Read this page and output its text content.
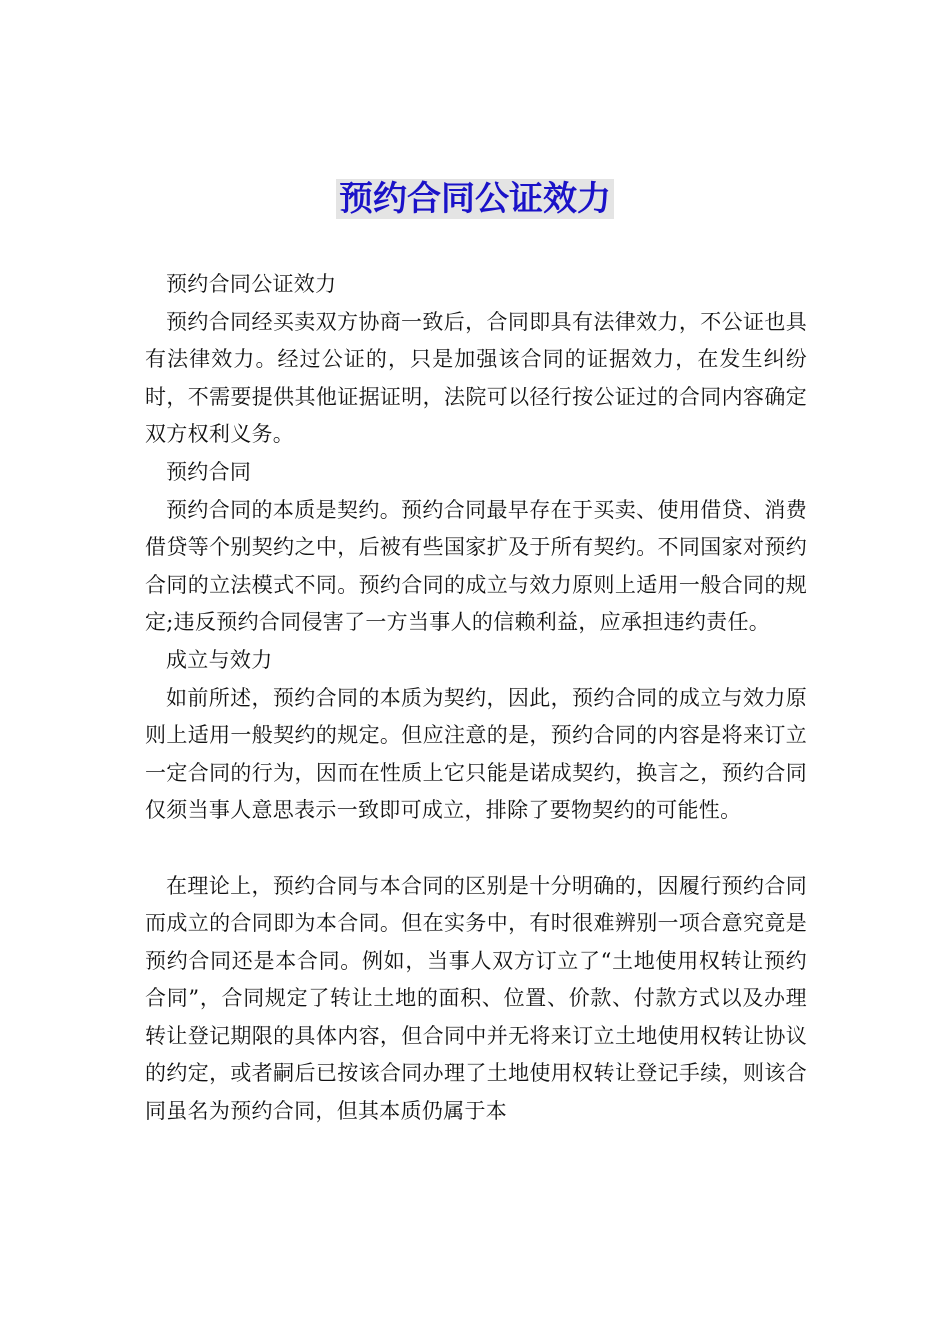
预约合同公证效力

预约合同公证效力

预约合同经买卖双方协商一致后，合同即具有法律效力，不公证也具有法律效力。经过公证的，只是加强该合同的证据效力，在发生纠纷时，不需要提供其他证据证明，法院可以径行按公证过的合同内容确定双方权利义务。

预约合同

预约合同的本质是契约。预约合同最早存在于买卖、使用借贷、消费借贷等个别契约之中，后被有些国家扩及于所有契约。不同国家对预约合同的立法模式不同。预约合同的成立与效力原则上适用一般合同的规定;违反预约合同侵害了一方当事人的信赖利益，应承担违约责任。

成立与效力

如前所述，预约合同的本质为契约，因此，预约合同的成立与效力原则上适用一般契约的规定。但应注意的是，预约合同的内容是将来订立一定合同的行为，因而在性质上它只能是诺成契约，换言之，预约合同仅须当事人意思表示一致即可成立，排除了要物契约的可能性。

在理论上，预约合同与本合同的区别是十分明确的，因履行预约合同而成立的合同即为本合同。但在实务中，有时很难辨别一项合意究竟是预约合同还是本合同。例如，当事人双方订立了“土地使用权转让预约合同”，合同规定了转让土地的面积、位置、价款、付款方式以及办理转让登记期限的具体内容，但合同中并无将来订立土地使用权转让协议的约定，或者嗣后已按该合同办理了土地使用权转让登记手续，则该合同虽名为预约合同，但其本质仍属于本
